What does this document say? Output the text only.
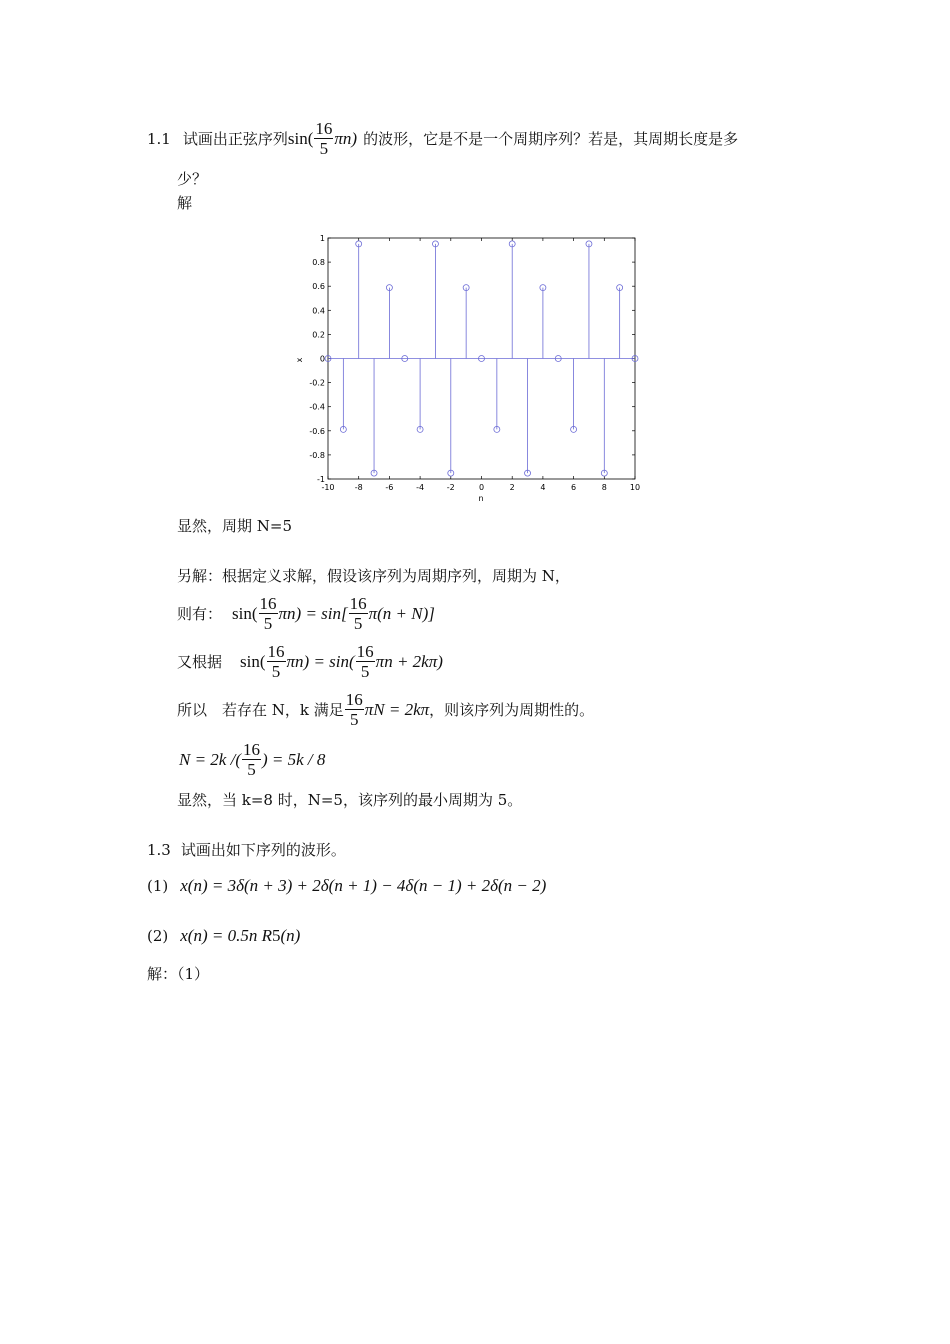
1.1 试画出正弦序列 $\sin( \frac{16}{5} \pi n)$ 的波形，它是不是一个周期序列？若是，其周期长度是多
少？
解
-10	-8	-6	-4	-2	0	2	4	6	8	10
1
0.8
0.6
0.4
0.2
0
-0.2
-0.4
-0.6
-0.8
-1
n
x
显然，周期 N=5
另解：根据定义求解，假设该序列为周期序列，周期为 N，
则有： $\sin( \frac{16}{5} \pi n) = \sin[ \frac{16}{5} \pi(n + N)]$
又根据 $\sin( \frac{16}{5} \pi n) = \sin( \frac{16}{5}$ πn + 2kπ)
所以　若存在 N，k 满足 $\frac{16}{5}$ πN = 2kπ ，则该序列为周期性的。
N = 2k /( $\frac{16}{5}$ ) = 5k / 8
显然，当 k=8 时，N=5，该序列的最小周期为 5。
1.3 试画出如下序列的波形。
(1) x(n) = 3δ(n + 3) + 2δ(n + 1) − 4δ(n − 1) + 2δ(n − 2)
(2) x(n) = 0.5 n R 5 (n)
解：（1）
